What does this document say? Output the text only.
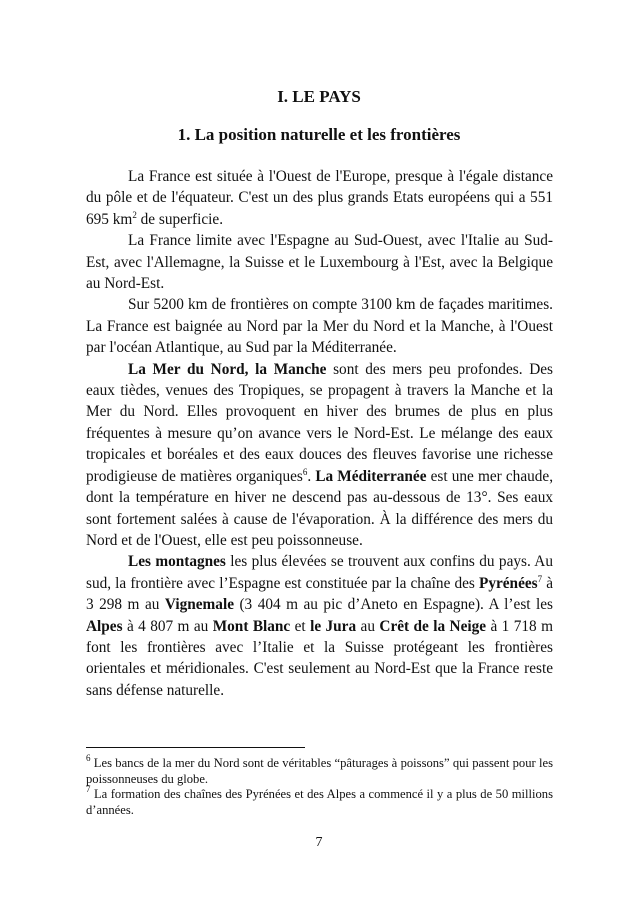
I. LE PAYS
1. La position naturelle et les frontières

La France est située à l'Ouest de l'Europe, presque à l'égale distance du pôle et de l'équateur. C'est un des plus grands Etats européens qui a 551 695 $km^2$ de superficie.

La France limite avec l'Espagne au Sud-Ouest, avec l'Italie au Sud-Est, avec l'Allemagne, la Suisse et le Luxembourg à l'Est, avec la Belgique au Nord-Est.

Sur 5200 km de frontières on compte 3100 km de façades maritimes. La France est baignée au Nord par la Mer du Nord et la Manche, à l'Ouest par l'océan Atlantique, au Sud par la Méditerranée.

La Mer du Nord, la Manche sont des mers peu profondes. Des eaux tièdes, venues des Tropiques, se propagent à travers la Manche et la Mer du Nord. Elles provoquent en hiver des brumes de plus en plus fréquentes à mesure qu’on avance vers le Nord-Est. Le mélange des eaux tropicales et boréales et des eaux douces des fleuves favorise une richesse prodigieuse de matières organiques$^6$. La Méditerranée est une mer chaude, dont la température en hiver ne descend pas au-dessous de 13°. Ses eaux sont fortement salées à cause de l'évaporation. À la différence des mers du Nord et de l'Ouest, elle est peu poissonneuse.

Les montagnes les plus élevées se trouvent aux confins du pays. Au sud, la frontière avec l’Espagne est constituée par la chaîne des Pyrénées$^7$ à 3 298 m au Vignemale (3 404 m au pic d’Aneto en Espagne). A l’est les Alpes à 4 807 m au Mont Blanc et le Jura au Crêt de la Neige à 1 718 m font les frontières avec l’Italie et la Suisse protégeant les frontières orientales et méridionales. C'est seulement au Nord-Est que la France reste sans défense naturelle.

$^6$ Les bancs de la mer du Nord sont de véritables “pâturages à poissons” qui passent pour les poissonneuses du globe.

$^7$ La formation des chaînes des Pyrénées et des Alpes a commencé il y a plus de 50 millions d’années.

7
